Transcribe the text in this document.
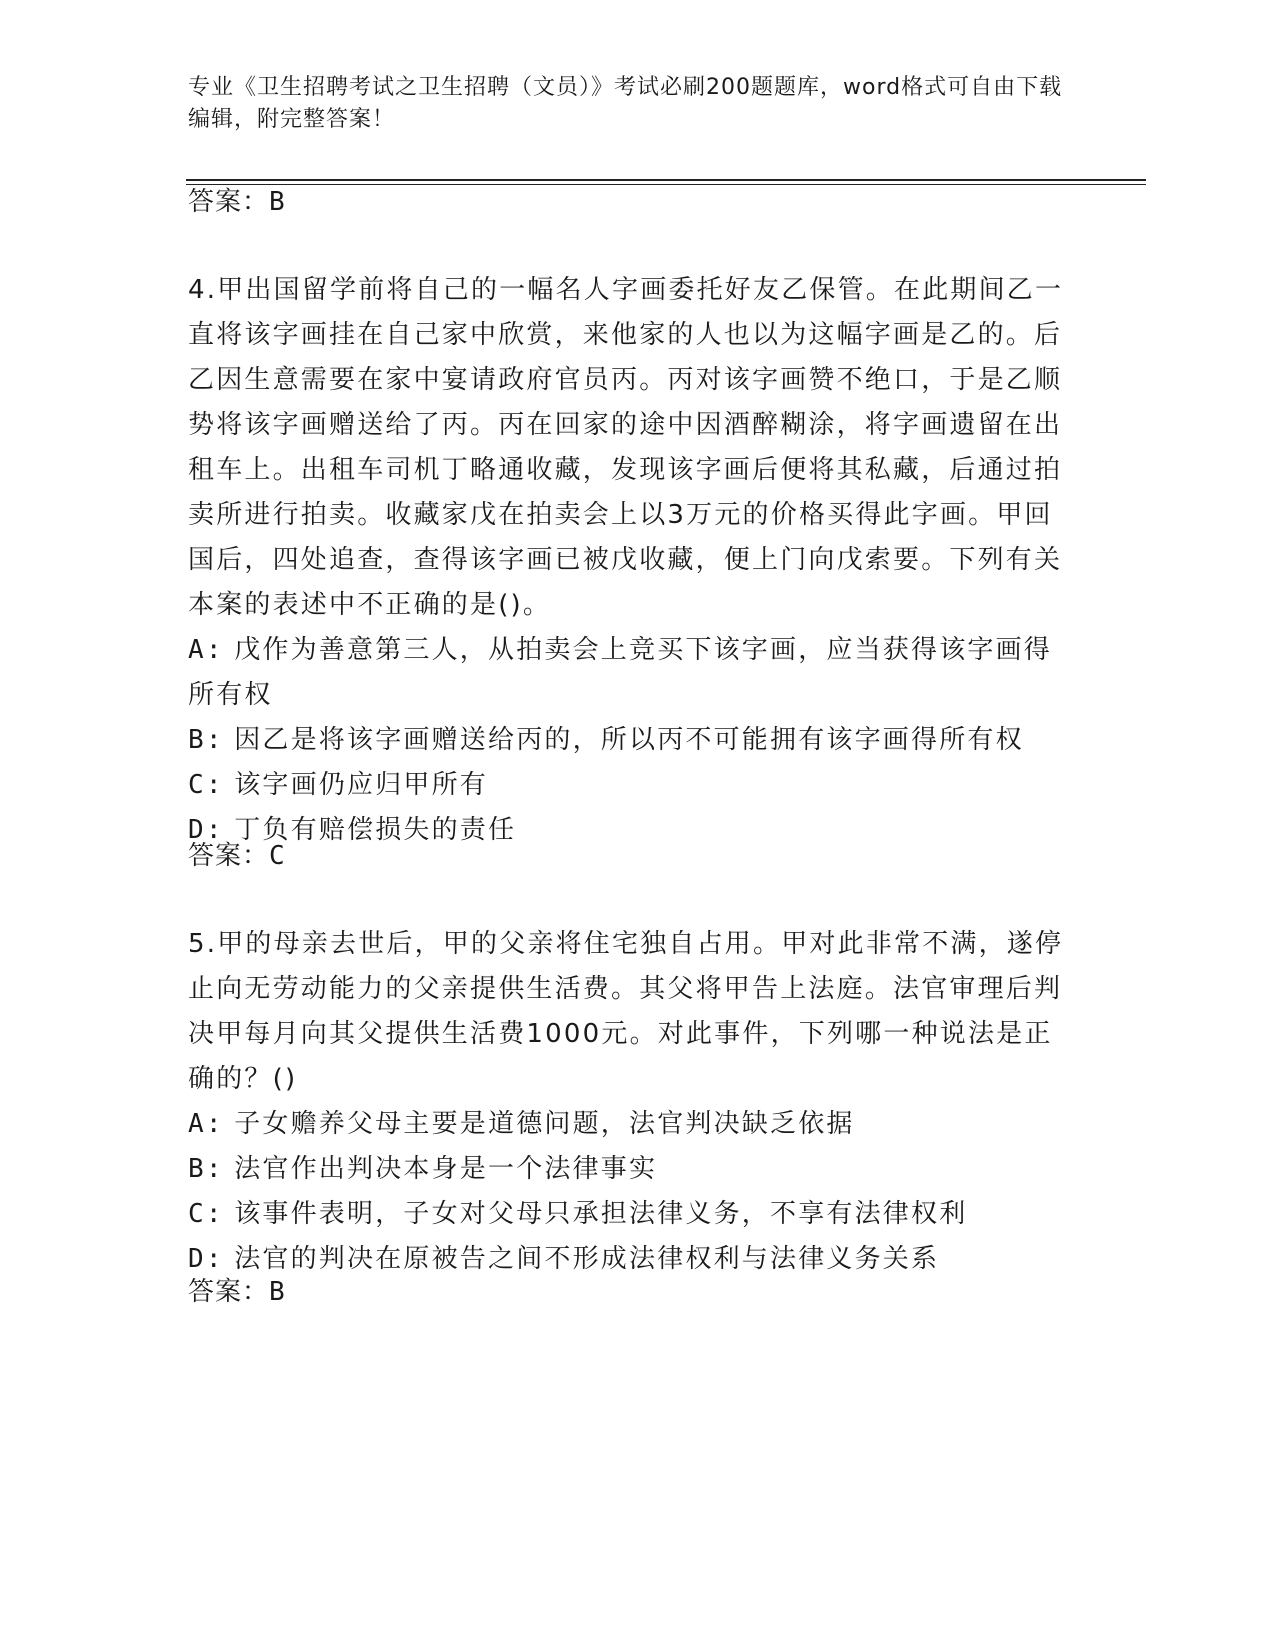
专业《卫生招聘考试之卫生招聘（文员）》考试必刷200题题库，word格式可自由下载编辑，附完整答案！
答案：B

4.甲出国留学前将自己的一幅名人字画委托好友乙保管。在此期间乙一直将该字画挂在自己家中欣赏，来他家的人也以为这幅字画是乙的。后乙因生意需要在家中宴请政府官员丙。丙对该字画赞不绝口，于是乙顺势将该字画赠送给了丙。丙在回家的途中因酒醉糊涂，将字画遗留在出租车上。出租车司机丁略通收藏，发现该字画后便将其私藏，后通过拍卖所进行拍卖。收藏家戊在拍卖会上以3万元的价格买得此字画。甲回国后，四处追查，查得该字画已被戊收藏，便上门向戊索要。下列有关本案的表述中不正确的是()。

A: 戊作为善意第三人，从拍卖会上竞买下该字画，应当获得该字画得所有权

B: 因乙是将该字画赠送给丙的，所以丙不可能拥有该字画得所有权

C: 该字画仍应归甲所有

D: 丁负有赔偿损失的责任

答案：C

5.甲的母亲去世后，甲的父亲将住宅独自占用。甲对此非常不满，遂停止向无劳动能力的父亲提供生活费。其父将甲告上法庭。法官审理后判决甲每月向其父提供生活费1000元。对此事件，下列哪一种说法是正确的？()

A: 子女赡养父母主要是道德问题，法官判决缺乏依据

B: 法官作出判决本身是一个法律事实

C: 该事件表明，子女对父母只承担法律义务，不享有法律权利

D: 法官的判决在原被告之间不形成法律权利与法律义务关系

答案：B
